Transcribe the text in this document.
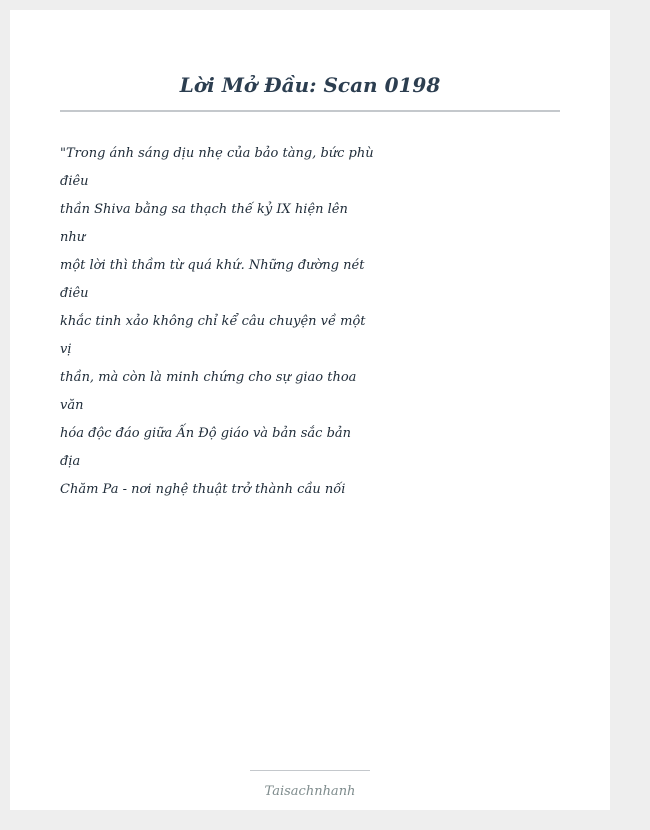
Lời Mở Đầu: Scan 0198
"Trong ánh sáng dịu nhẹ của bảo tàng, bức phù
điêu
thần Shiva bằng sa thạch thế kỷ IX hiện lên
như
một lời thì thầm từ quá khứ. Những đường nét
điêu
khắc tinh xảo không chỉ kể câu chuyện về một
vị
thần, mà còn là minh chứng cho sự giao thoa
văn
hóa độc đáo giữa Ấn Độ giáo và bản sắc bản
địa
Chăm Pa - nơi nghệ thuật trở thành cầu nối
Taisachnhanh
